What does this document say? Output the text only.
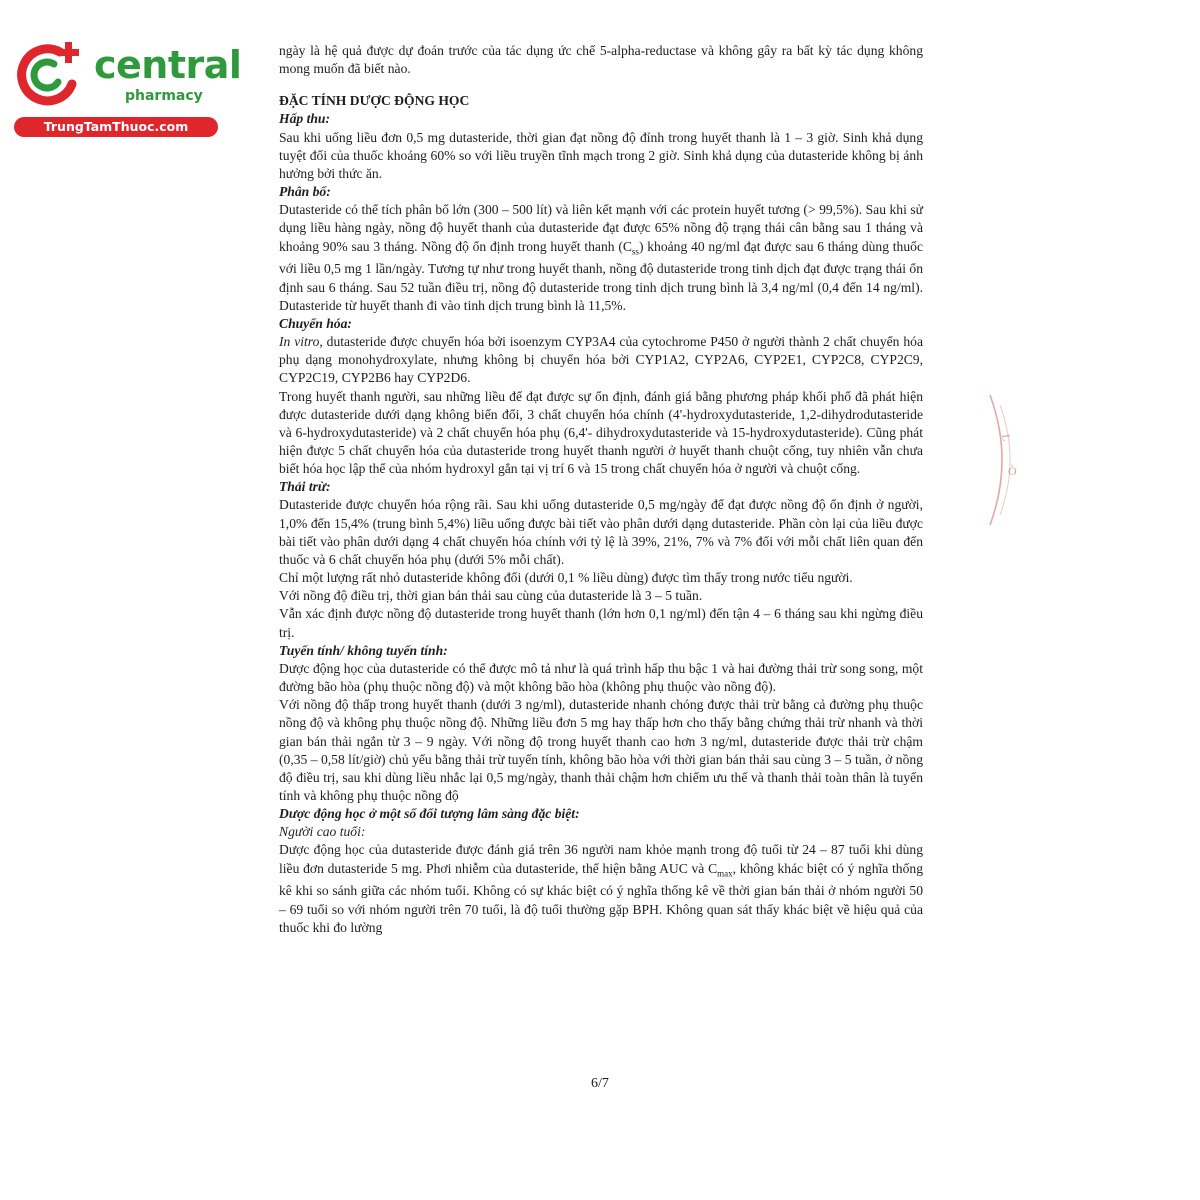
central
pharmacy
TrungTamThuoc.com
L
Ò

ngày là hệ quả được dự đoán trước của tác dụng ức chế 5-alpha-reductase và không gây ra bất kỳ tác dụng không mong muốn đã biết nào.

ĐẶC TÍNH DƯỢC ĐỘNG HỌC

Hấp thu:

Sau khi uống liều đơn 0,5 mg dutasteride, thời gian đạt nồng độ đỉnh trong huyết thanh là 1 – 3 giờ. Sinh khả dụng tuyệt đối của thuốc khoảng 60% so với liều truyền tĩnh mạch trong 2 giờ. Sinh khả dụng của dutasteride không bị ảnh hưởng bởi thức ăn.

Phân bố:

Dutasteride có thể tích phân bố lớn (300 – 500 lít) và liên kết mạnh với các protein huyết tương (> 99,5%). Sau khi sử dụng liều hàng ngày, nồng độ huyết thanh của dutasteride đạt được 65% nồng độ trạng thái cân bằng sau 1 tháng và khoảng 90% sau 3 tháng. Nồng độ ổn định trong huyết thanh $(C_{ss})$ khoảng 40 ng/ml đạt được sau 6 tháng dùng thuốc với liều 0,5 mg 1 lần/ngày. Tương tự như trong huyết thanh, nồng độ dutasteride trong tinh dịch đạt được trạng thái ổn định sau 6 tháng. Sau 52 tuần điều trị, nồng độ dutasteride trong tinh dịch trung bình là 3,4 ng/ml (0,4 đến 14 ng/ml). Dutasteride từ huyết thanh đi vào tinh dịch trung bình là 11,5%.

Chuyển hóa:

In vitro, dutasteride được chuyển hóa bởi isoenzym CYP3A4 của cytochrome P450 ở người thành 2 chất chuyển hóa phụ dạng monohydroxylate, nhưng không bị chuyển hóa bởi CYP1A2, CYP2A6, CYP2E1, CYP2C8, CYP2C9, CYP2C19, CYP2B6 hay CYP2D6.

Trong huyết thanh người, sau những liều để đạt được sự ổn định, đánh giá bằng phương pháp khối phổ đã phát hiện được dutasteride dưới dạng không biến đổi, 3 chất chuyển hóa chính (4'-hydroxydutasteride, 1,2-dihydrodutasteride và 6-hydroxydutasteride) và 2 chất chuyển hóa phụ (6,4'- dihydroxydutasteride và 15-hydroxydutasteride). Cũng phát hiện được 5 chất chuyển hóa của dutasteride trong huyết thanh người ở huyết thanh chuột cống, tuy nhiên vẫn chưa biết hóa học lập thể của nhóm hydroxyl gắn tại vị trí 6 và 15 trong chất chuyển hóa ở người và chuột cống.

Thải trừ:

Dutasteride được chuyển hóa rộng rãi. Sau khi uống dutasteride 0,5 mg/ngày để đạt được nồng độ ổn định ở người, 1,0% đến 15,4% (trung bình 5,4%) liều uống được bài tiết vào phân dưới dạng dutasteride. Phần còn lại của liều được bài tiết vào phân dưới dạng 4 chất chuyển hóa chính với tỷ lệ là 39%, 21%, 7% và 7% đối với mỗi chất liên quan đến thuốc và 6 chất chuyển hóa phụ (dưới 5% mỗi chất).

Chỉ một lượng rất nhỏ dutasteride không đổi (dưới 0,1 % liều dùng) được tìm thấy trong nước tiểu người.

Với nồng độ điều trị, thời gian bán thải sau cùng của dutasteride là 3 – 5 tuần.

Vẫn xác định được nồng độ dutasteride trong huyết thanh (lớn hơn 0,1 ng/ml) đến tận 4 – 6 tháng sau khi ngừng điều trị.

Tuyến tính/ không tuyến tính:

Dược động học của dutasteride có thể được mô tả như là quá trình hấp thu bậc 1 và hai đường thải trừ song song, một đường bão hòa (phụ thuộc nồng độ) và một không bão hòa (không phụ thuộc vào nồng độ).

Với nồng độ thấp trong huyết thanh (dưới 3 ng/ml), dutasteride nhanh chóng được thải trừ bằng cả đường phụ thuộc nồng độ và không phụ thuộc nồng độ. Những liều đơn 5 mg hay thấp hơn cho thấy bằng chứng thải trừ nhanh và thời gian bán thải ngắn từ 3 – 9 ngày. Với nồng độ trong huyết thanh cao hơn 3 ng/ml, dutasteride được thải trừ chậm (0,35 – 0,58 lít/giờ) chủ yếu bằng thải trừ tuyến tính, không bão hòa với thời gian bán thải sau cùng 3 – 5 tuần, ở nồng độ điều trị, sau khi dùng liều nhắc lại 0,5 mg/ngày, thanh thải chậm hơn chiếm ưu thế và thanh thải toàn thân là tuyến tính và không phụ thuộc nồng độ

Dược động học ở một số đối tượng lâm sàng đặc biệt:

Người cao tuổi:

Dược động học của dutasteride được đánh giá trên 36 người nam khỏe mạnh trong độ tuổi từ 24 – 87 tuổi khi dùng liều đơn dutasteride 5 mg. Phơi nhiễm của dutasteride, thể hiện bằng AUC và $C_{max}$, không khác biệt có ý nghĩa thống kê khi so sánh giữa các nhóm tuổi. Không có sự khác biệt có ý nghĩa thống kê về thời gian bán thải ở nhóm người 50 – 69 tuổi so với nhóm người trên 70 tuổi, là độ tuổi thường gặp BPH. Không quan sát thấy khác biệt về hiệu quả của thuốc khi đo lường

6/7
